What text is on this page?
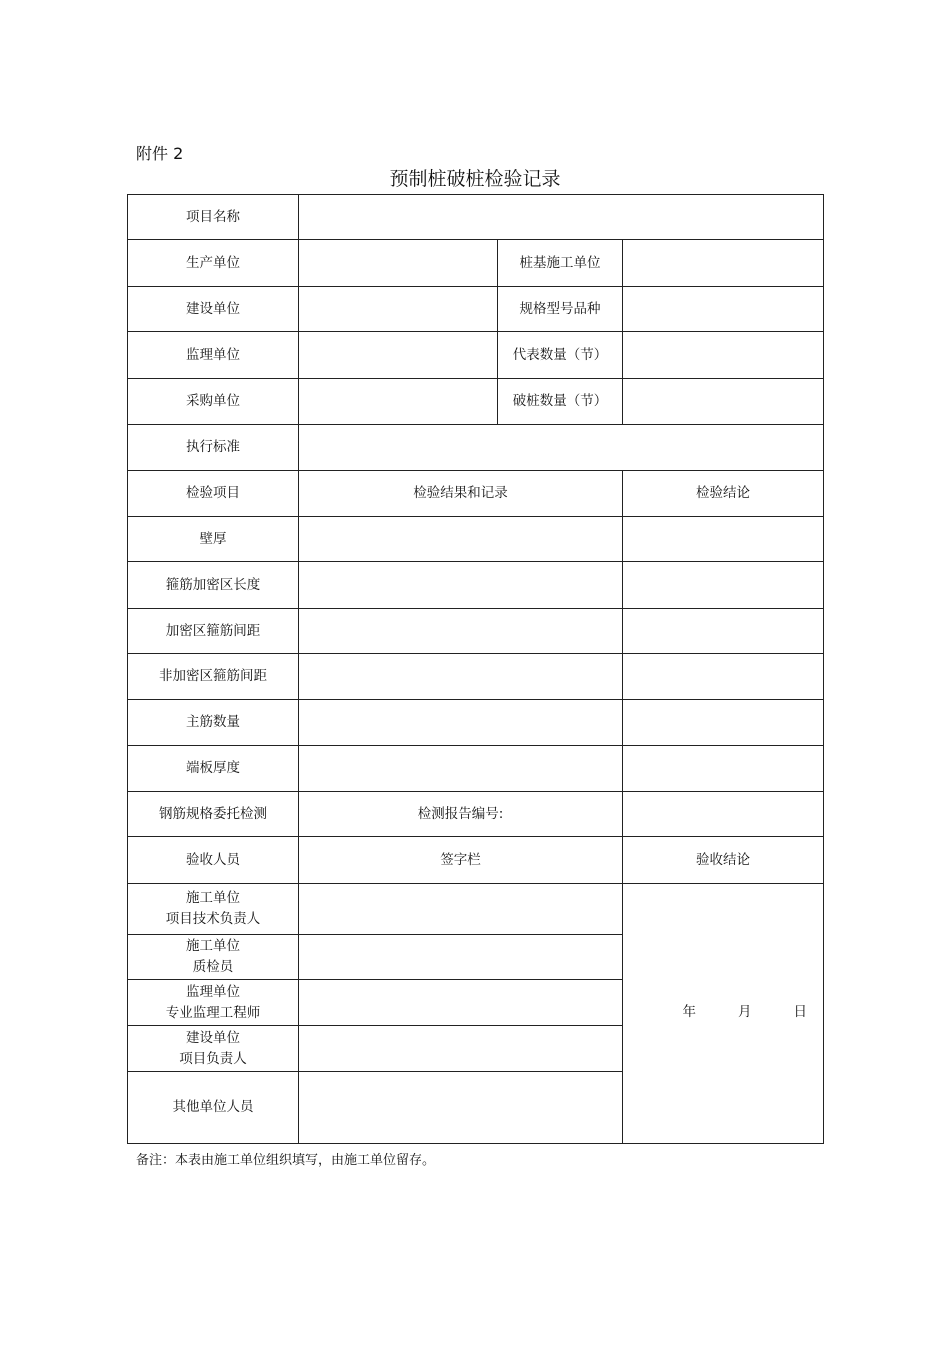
附件 2
预制桩破桩检验记录
项目名称			
生产单位		桩基施工单位	
建设单位		规格型号品种	
监理单位		代表数量（节）	
采购单位		破桩数量（节）	
执行标准			
检验项目	检验结果和记录		检验结论
壁厚			
箍筋加密区长度			
加密区箍筋间距			
非加密区箍筋间距			
主筋数量			
端板厚度			
钢筋规格委托检测	检测报告编号:		
验收人员	签字栏		验收结论

施工单位
项目技术负责人			年 月 日

施工单位
质检员			

监理单位
专业监理工程师			

建设单位
项目负责人			

其他单位人员			
备注：本表由施工单位组织填写，由施工单位留存。
